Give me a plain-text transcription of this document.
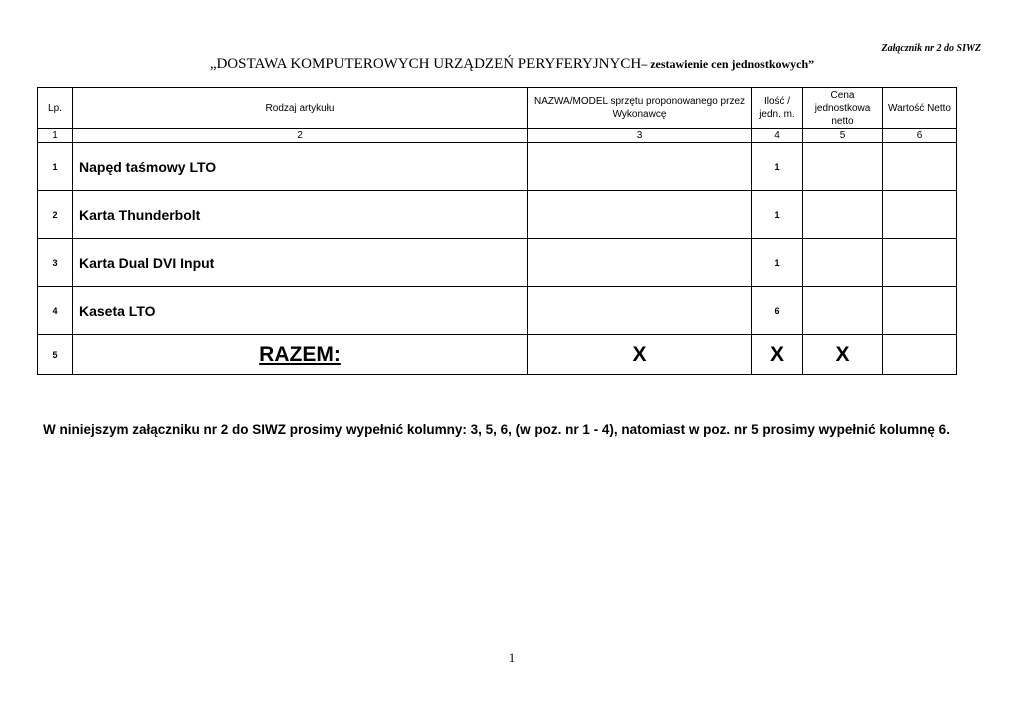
Załącznik nr 2 do SIWZ
„DOSTAWA KOMPUTEROWYCH URZĄDZEŃ PERYFERYJNYCH– zestawienie cen jednostkowych”
Lp.	Rodzaj artykułu	NAZWA/MODEL sprzętu proponowanego przez Wykonawcę	Ilość / jedn. m.	Cena jednostkowa netto	Wartość Netto
1	2	3	4	5	6
1	Napęd taśmowy LTO		1		
2	Karta Thunderbolt		1		
3	Karta Dual DVI Input		1		
4	Kaseta LTO		6		
5	RAZEM:	X	X	X	
W niniejszym załączniku nr 2 do SIWZ prosimy wypełnić kolumny: 3, 5, 6, (w poz. nr 1 - 4), natomiast w poz. nr 5 prosimy wypełnić kolumnę 6.
1
